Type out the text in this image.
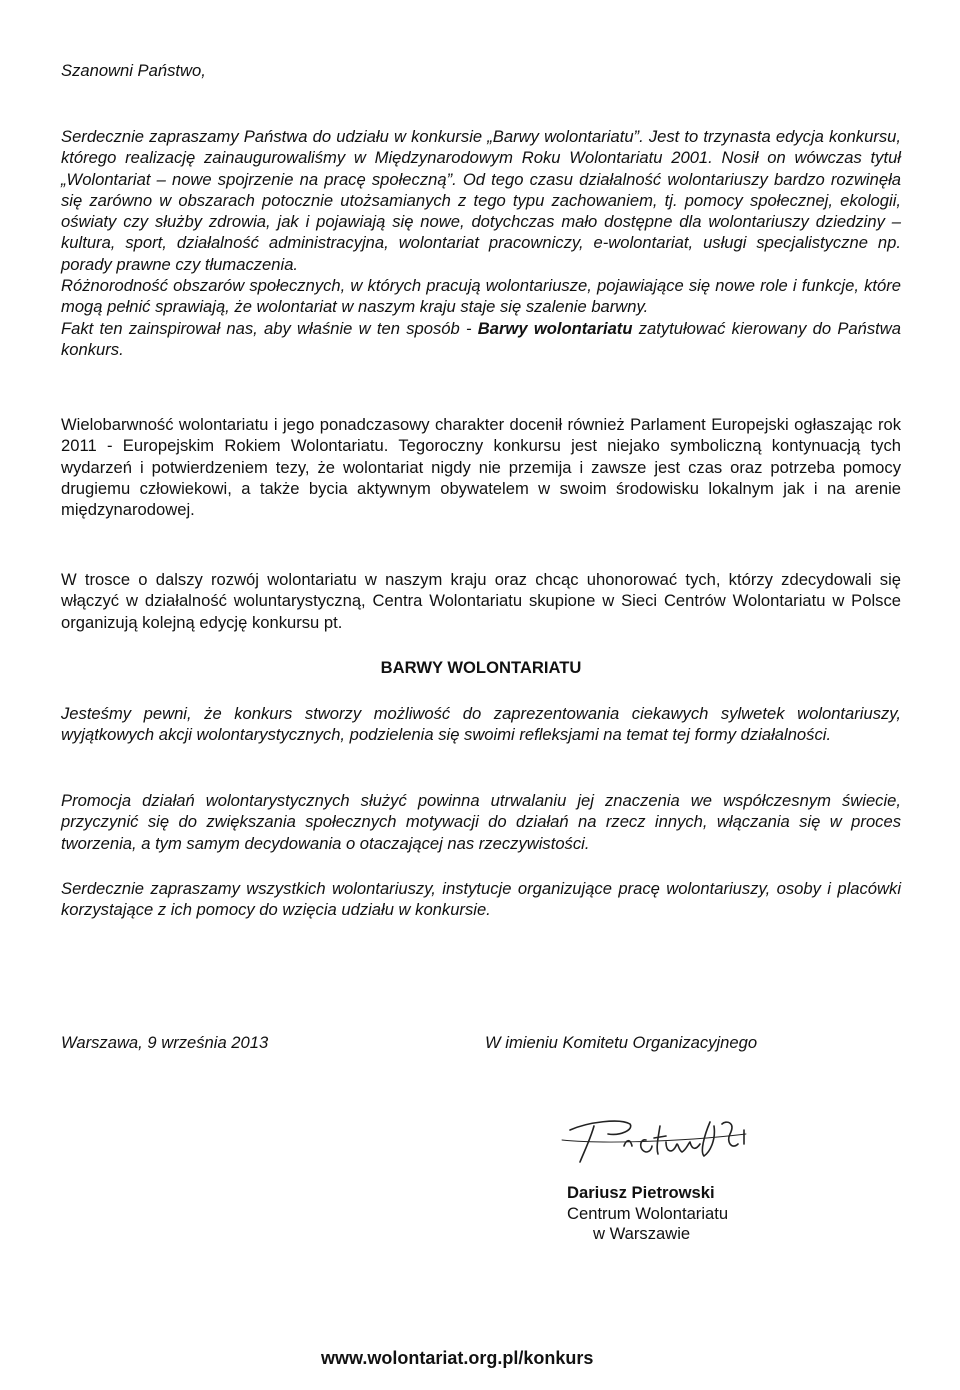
Szanowni Państwo,

Serdecznie zapraszamy Państwa do udziału w konkursie „Barwy wolontariatu”. Jest to trzynasta edycja konkursu, którego realizację zainaugurowaliśmy w Międzynarodowym Roku Wolontariatu 2001. Nosił on wówczas tytuł „Wolontariat – nowe spojrzenie na pracę społeczną”. Od tego czasu działalność wolontariuszy bardzo rozwinęła się zarówno w obszarach potocznie utożsamianych z tego typu zachowaniem, tj. pomocy społecznej, ekologii, oświaty czy służby zdrowia, jak i pojawiają się nowe, dotychczas mało dostępne dla wolontariuszy dziedziny – kultura, sport, działalność administracyjna, wolontariat pracowniczy, e-wolontariat, usługi specjalistyczne np. porady prawne czy tłumaczenia.
Różnorodność obszarów społecznych, w których pracują wolontariusze, pojawiające się nowe role i funkcje, które mogą pełnić sprawiają, że wolontariat w naszym kraju staje się szalenie barwny.
Fakt ten zainspirował nas, aby właśnie w ten sposób - Barwy wolontariatu zatytułować kierowany do Państwa konkurs.

Wielobarwność wolontariatu i jego ponadczasowy charakter docenił również Parlament Europejski ogłaszając rok 2011 - Europejskim Rokiem Wolontariatu. Tegoroczny konkursu jest niejako symboliczną kontynuacją tych wydarzeń i potwierdzeniem tezy, że wolontariat nigdy nie przemija i zawsze jest czas oraz potrzeba pomocy drugiemu człowiekowi, a także bycia aktywnym obywatelem w swoim środowisku lokalnym jak i na arenie międzynarodowej.

W trosce o dalszy rozwój wolontariatu w naszym kraju oraz chcąc uhonorować tych, którzy zdecydowali się włączyć w działalność woluntarystyczną, Centra Wolontariatu skupione w Sieci Centrów Wolontariatu w Polsce organizują kolejną edycję konkursu pt.

BARWY WOLONTARIATU

Jesteśmy pewni, że konkurs stworzy możliwość do zaprezentowania ciekawych sylwetek wolontariuszy, wyjątkowych akcji wolontarystycznych, podzielenia się swoimi refleksjami na temat tej formy działalności.

Promocja działań wolontarystycznych służyć powinna utrwalaniu jej znaczenia we współczesnym świecie, przyczynić się do zwiększania społecznych motywacji do działań na rzecz innych, włączania się w proces tworzenia, a tym samym decydowania o otaczającej nas rzeczywistości.

Serdecznie zapraszamy wszystkich wolontariuszy, instytucje organizujące pracę wolontariuszy, osoby i placówki korzystające z ich pomocy do wzięcia udziału w konkursie.

Warszawa, 9 września 2013	W imieniu Komitetu Organizacyjnego

Dariusz Pietrowski

Centrum Wolontariatu

w Warszawie

www.wolontariat.org.pl/konkurs
